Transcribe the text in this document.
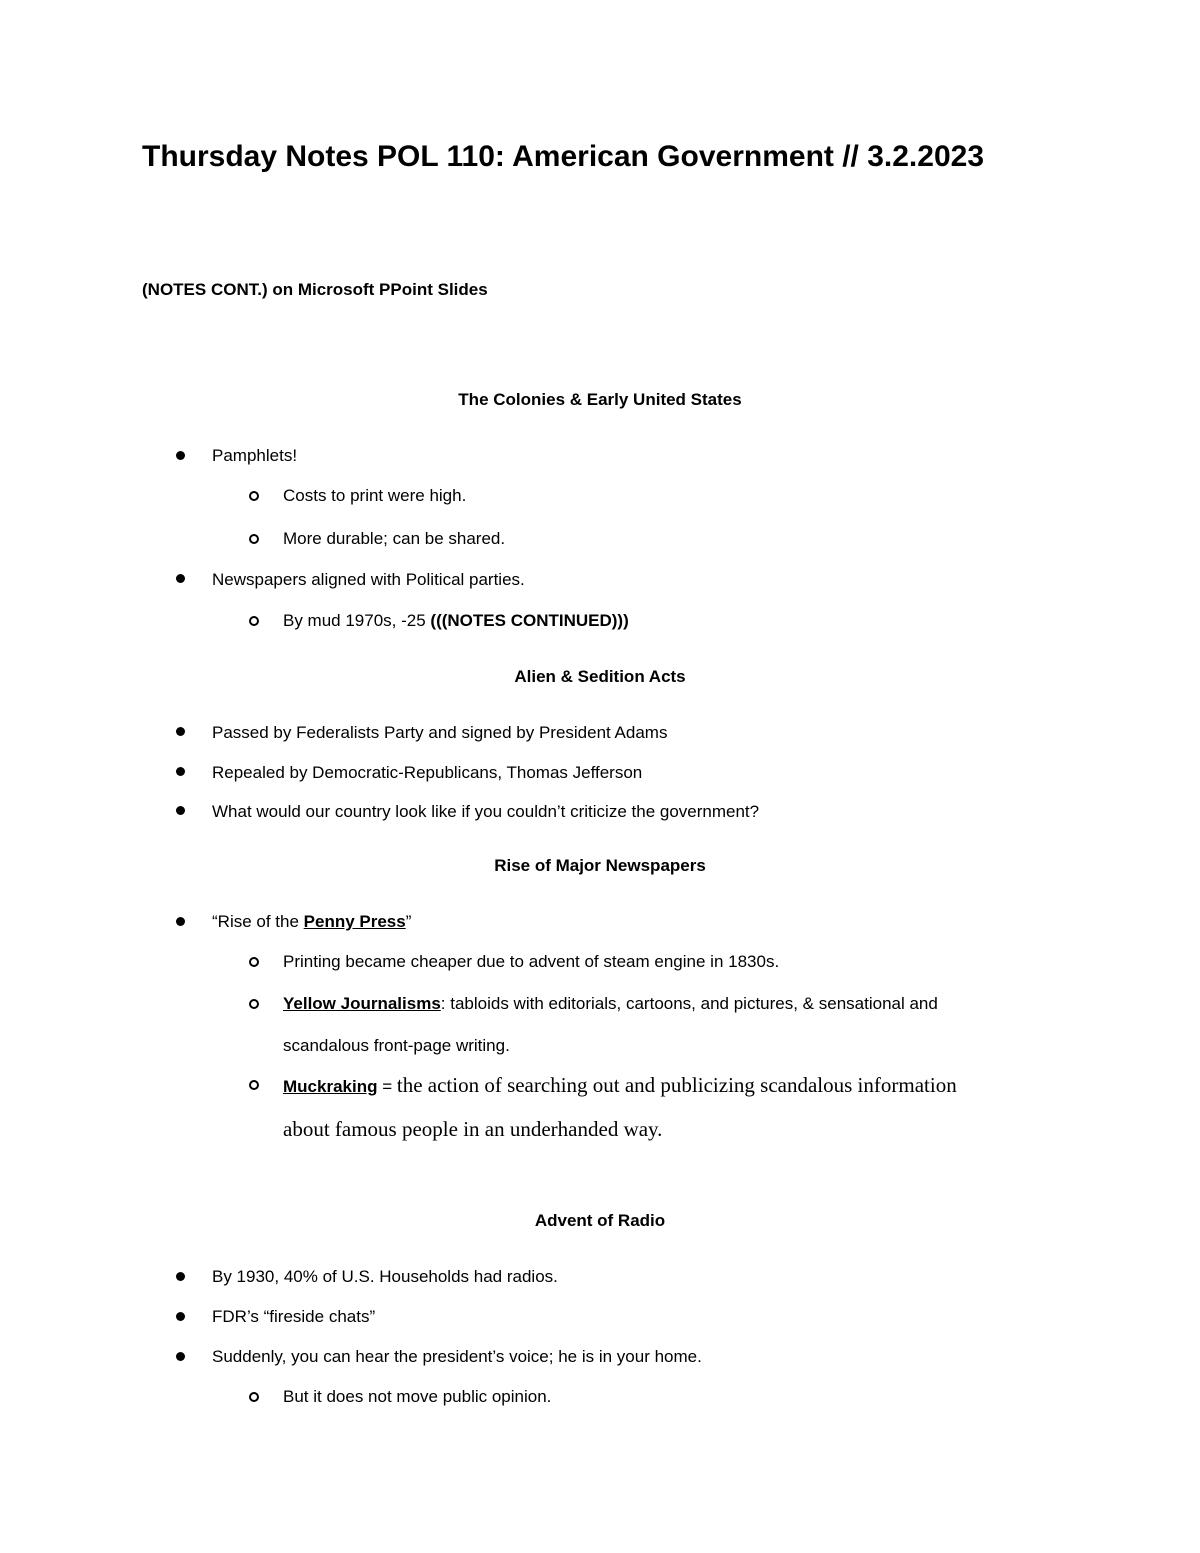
Thursday Notes POL 110: American Government // 3.2.2023
(NOTES CONT.) on Microsoft PPoint Slides
The Colonies & Early United States
Pamphlets!
Costs to print were high.
More durable; can be shared.
Newspapers aligned with Political parties.
By mud 1970s, -25 (((NOTES CONTINUED)))
Alien & Sedition Acts
Passed by Federalists Party and signed by President Adams
Repealed by Democratic-Republicans, Thomas Jefferson
What would our country look like if you couldn’t criticize the government?
Rise of Major Newspapers
“Rise of the Penny Press”
Printing became cheaper due to advent of steam engine in 1830s.
Yellow Journalisms: tabloids with editorials, cartoons, and pictures, & sensational and
scandalous front-page writing.
Muckraking = the action of searching out and publicizing scandalous information
about famous people in an underhanded way.
Advent of Radio
By 1930, 40% of U.S. Households had radios.
FDR’s “fireside chats”
Suddenly, you can hear the president’s voice; he is in your home.
But it does not move public opinion.
